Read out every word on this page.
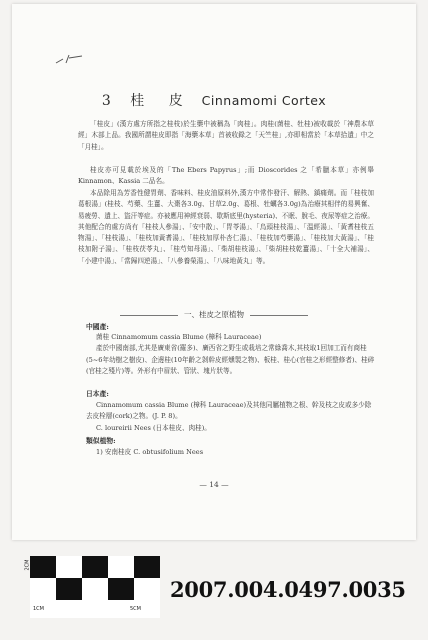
3 桂 皮 Cinnamomi Cortex

「桂皮」(漢方處方所指之桂枝)於生藥中被稱為「肉桂」。肉桂(菌桂、牡桂)被收載於「神農本草經」木部上品。我國所謂桂皮即指「海藥本草」首被收錄之「天竺桂」,亦即相當於「本草拾遺」中之「月桂」。

桂皮亦可見載於埃及的「The Ebers Papyrus」;而 Dioscorides 之「希臘本草」亦例舉 Kinnamon、Kassia 二品名。

本品除用為芳香性健胃劑、香味料、桂皮油原料外,漢方中常作發汗、解熱、鎮痛劑。而「桂枝加葛根湯」(桂枝、芍藥、生薑、大棗各3.0g、甘草2.0g、葛根、牡蠣各3.0g)為治療其相伴的易興奮、易疲勞、遺上、盜汗等症。亦被應用神經衰弱、歇斯底里(hysteria)、不眠、脫毛、夜尿等症之治療。其他配合的處方尚有「桂枝人參湯」、「安中散」、「胃苓湯」、「烏頭桂枝湯」、「温經湯」、「黃耆桂枝五物湯」、「桂枝湯」、「桂枝加黃耆湯」、「桂枝加厚朴杏仁湯」、「桂枝加芍藥湯」、「桂枝加大黃湯」、「桂枝加附子湯」、「桂枝茯苓丸」、「桂芍知母湯」、「柴胡桂枝湯」、「柴胡桂枝乾薑湯」、「十全大補湯」、「小建中湯」、「當歸四逆湯」、「八參養榮湯」、「八味地黃丸」等。

一、桂皮之原植物
中國產:

菌桂 Cinnamomum cassia Blume (樟科 Lauraceae)

產於中國南部,尤其是廣東省(羅多)、廣西省之野生或栽培之常綠喬木,其枝取1回加工而有商桂(5~6年幼樹之樹皮)、企邊桂(10年齡之剝幹皮經燻製之物)、板桂、桂心(官桂之形經整修者)、桂碎(官桂之殘片)等。外形有中眉狀、管狀、塊片狀等。

日本產:

Cinnamomum cassia Blume (樟科 Lauraceae)及其他同屬植物之根、幹及枝之皮或多少除去皮栓層(cork)之物。(J. P. 8)。

C. loureirii Nees (日本桂皮、肉桂)。

類似植物:

1) 安南桂皮 C. obtusifolium Nees

— 14 —
1CM	5CM
2CM
2007.004.0497.0035
